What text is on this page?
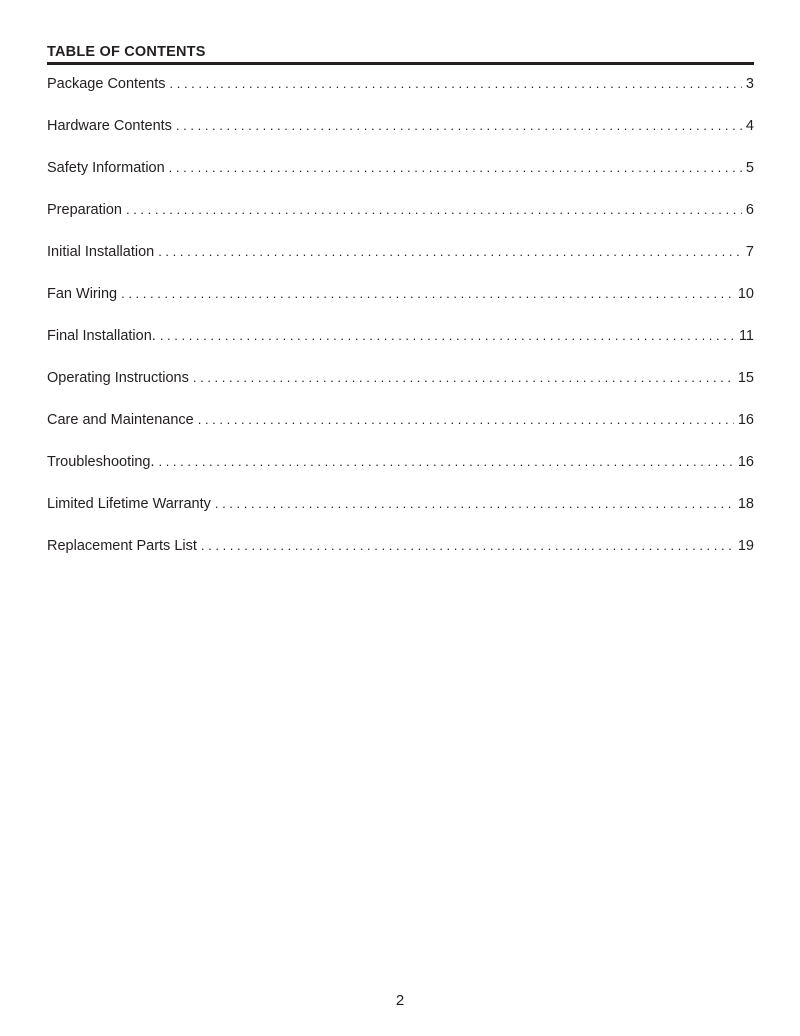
TABLE OF CONTENTS
Package Contents . . .	3
Hardware Contents . . .	4
Safety Information . . .	5
Preparation . . .	6
Initial Installation . . .	7
Fan Wiring . . .	10
Final Installation. . . .	11
Operating Instructions . . .	15
Care and Maintenance . . .	16
Troubleshooting. . . .	16
Limited Lifetime Warranty . . .	18
Replacement Parts List . . .	19
2
